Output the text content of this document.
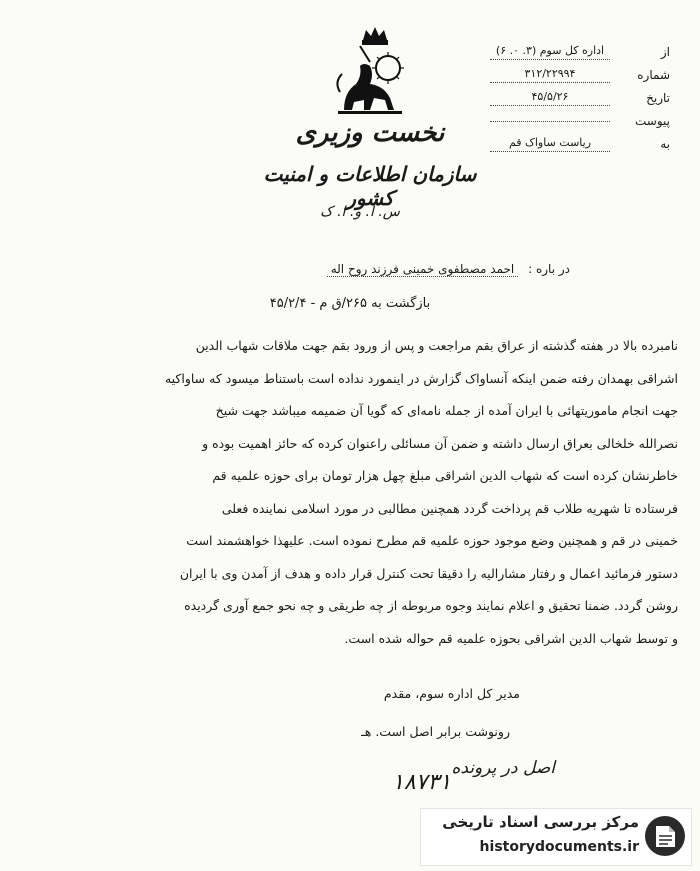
نخست وزیری
سازمان اطلاعات و امنیت کشور
س. ا. و. ا. ک
از
اداره کل سوم (۳. ۰. ۶)
شماره
۳۱۲/۲۲۹۹۴
تاریخ
۴۵/۵/۲۶
پیوست
به
ریاست ساواک قم
در باره : احمد مصطفوی خمینی فرزند روح اله
بازگشت به ۲۶۵/ق م - ۴۵/۲/۴
نامبرده بالا در هفته گذشته از عراق بقم مراجعت و پس از ورود بقم جهت ملاقات شهاب الدین
اشراقی بهمدان رفته ضمن اینکه آنساواک گزارش در اینمورد نداده است باستناط میسود که ساواکیه
جهت انجام ماموریتهائی با ایران آمده از جمله نامه‌ای که گویا آن ضمیمه میباشد جهت شیخ
نصرالله خلخالی بعراق ارسال داشته و ضمن آن مسائلی راعنوان کرده که حائز اهمیت بوده و
خاطرنشان کرده است که شهاب الدین اشراقی مبلغ چهل هزار تومان برای حوزه علمیه قم
فرستاده تا شهریه طلاب قم پرداخت گردد همچنین مطالبی در مورد اسلامی نماینده فعلی
خمینی در قم و همچنین وضع موجود حوزه علمیه قم مطرح نموده است. علیهذا خواهشمند است
دستور فرمائید اعمال و رفتار مشارالیه را دقیقا تحت کنترل قرار داده و هدف از آمدن وی با ایران
روشن گردد. ضمنا تحقیق و اعلام نمایند وجوه مربوطه از چه طریقی و چه نحو جمع آوری گردیده
و توسط شهاب الدین اشراقی بحوزه علمیه قم حواله شده است.
مدیر کل اداره سوم، مقدم
رونوشت برابر اصل است. هـ
اصل در پرونده
۱۸۷۳۱
مرکز بررسی اسناد تاریخی
historydocuments.ir
